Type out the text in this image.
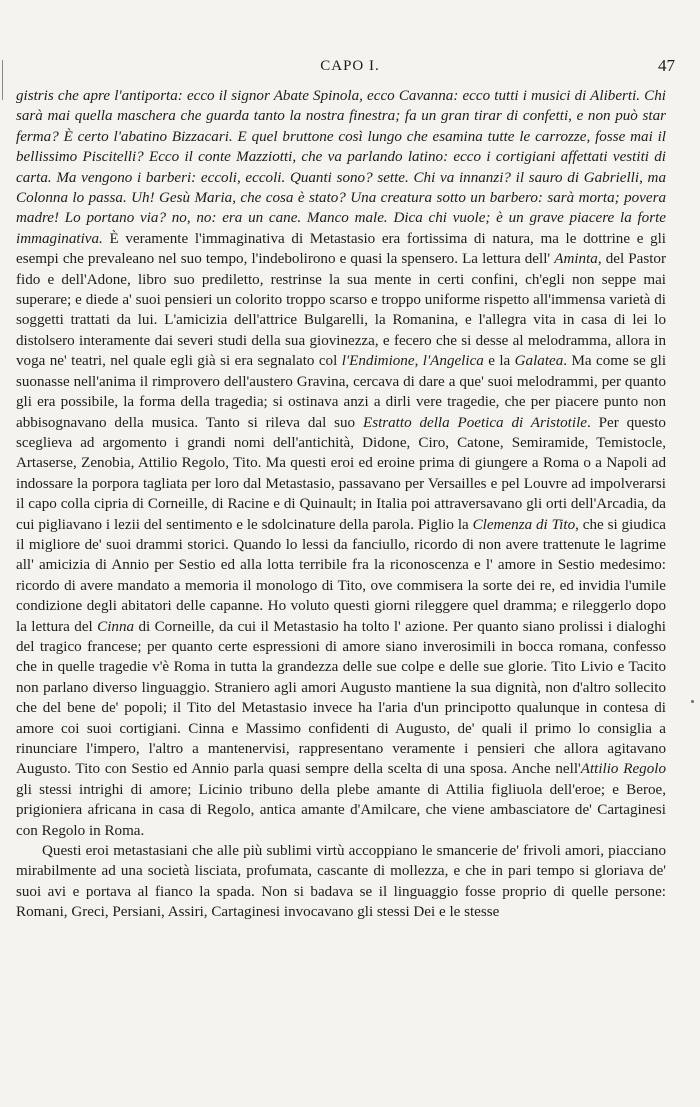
CAPO I.	47

gistris che apre l'antiporta: ecco il signor Abate Spinola, ecco Cavanna: ecco tutti i musici di Aliberti. Chi sarà mai quella maschera che guarda tanto la nostra finestra; fa un gran tirar di confetti, e non può star ferma? È certo l'abatino Bizzacari. E quel bruttone così lungo che esamina tutte le carrozze, fosse mai il bellissimo Piscitelli? Ecco il conte Mazziotti, che va parlando latino: ecco i cortigiani affettati vestiti di carta. Ma vengono i barberi: eccoli, eccoli. Quanti sono? sette. Chi va innanzi? il sauro di Gabrielli, ma Colonna lo passa. Uh! Gesù Maria, che cosa è stato? Una creatura sotto un barbero: sarà morta; povera madre! Lo portano via? no, no: era un cane. Manco male. Dica chi vuole; è un grave piacere la forte immaginativa. È veramente l'immaginativa di Metastasio era fortissima di natura, ma le dottrine e gli esempi che prevaleano nel suo tempo, l'indebolirono e quasi la spensero. La lettura dell' Aminta, del Pastor fido e dell'Adone, libro suo prediletto, restrinse la sua mente in certi confini, ch'egli non seppe mai superare; e diede a' suoi pensieri un colorito troppo scarso e troppo uniforme rispetto all'immensa varietà di soggetti trattati da lui. L'amicizia dell'attrice Bulgarelli, la Romanina, e l'allegra vita in casa di lei lo distolsero interamente dai severi studi della sua giovinezza, e fecero che si desse al melodramma, allora in voga ne' teatri, nel quale egli già si era segnalato col l'Endimione, l'Angelica e la Galatea. Ma come se gli suonasse nell'anima il rimprovero dell'austero Gravina, cercava di dare a que' suoi melodrammi, per quanto gli era possibile, la forma della tragedia; si ostinava anzi a dirli vere tragedie, che per piacere punto non abbisognavano della musica. Tanto si rileva dal suo Estratto della Poetica di Aristotile. Per questo sceglieva ad argomento i grandi nomi dell'antichità, Didone, Ciro, Catone, Semiramide, Temistocle, Artaserse, Zenobia, Attilio Regolo, Tito. Ma questi eroi ed eroine prima di giungere a Roma o a Napoli ad indossare la porpora tagliata per loro dal Metastasio, passavano per Versailles e pel Louvre ad impolverarsi il capo colla cipria di Corneille, di Racine e di Quinault; in Italia poi attraversavano gli orti dell'Arcadia, da cui pigliavano i lezii del sentimento e le sdolcinature della parola. Piglio la Clemenza di Tito, che si giudica il migliore de' suoi drammi storici. Quando lo lessi da fanciullo, ricordo di non avere trattenute le lagrime all' amicizia di Annio per Sestio ed alla lotta terribile fra la riconoscenza e l' amore in Sestio medesimo: ricordo di avere mandato a memoria il monologo di Tito, ove commisera la sorte dei re, ed invidia l'umile condizione degli abitatori delle capanne. Ho voluto questi giorni rileggere quel dramma; e rileggerlo dopo la lettura del Cinna di Corneille, da cui il Metastasio ha tolto l' azione. Per quanto siano prolissi i dialoghi del tragico francese; per quanto certe espressioni di amore siano inverosimili in bocca romana, confesso che in quelle tragedie v'è Roma in tutta la grandezza delle sue colpe e delle sue glorie. Tito Livio e Tacito non parlano diverso linguaggio. Straniero agli amori Augusto mantiene la sua dignità, non d'altro sollecito che del bene de' popoli; il Tito del Metastasio invece ha l'aria d'un principotto qualunque in contesa di amore coi suoi cortigiani. Cinna e Massimo confidenti di Augusto, de' quali il primo lo consiglia a rinunciare l'impero, l'altro a mantenervisi, rappresentano veramente i pensieri che allora agitavano Augusto. Tito con Sestio ed Annio parla quasi sempre della scelta di una sposa. Anche nell'Attilio Regolo gli stessi intrighi di amore; Licinio tribuno della plebe amante di Attilia figliuola dell'eroe; e Beroe, prigioniera africana in casa di Regolo, antica amante d'Amilcare, che viene ambasciatore de' Cartaginesi con Regolo in Roma.

Questi eroi metastasiani che alle più sublimi virtù accoppiano le smancerie de' frivoli amori, piacciano mirabilmente ad una società lisciata, profumata, cascante di mollezza, e che in pari tempo si gloriava de' suoi avi e portava al fianco la spada. Non si badava se il linguaggio fosse proprio di quelle persone: Romani, Greci, Persiani, Assiri, Cartaginesi invocavano gli stessi Dei e le stesse
